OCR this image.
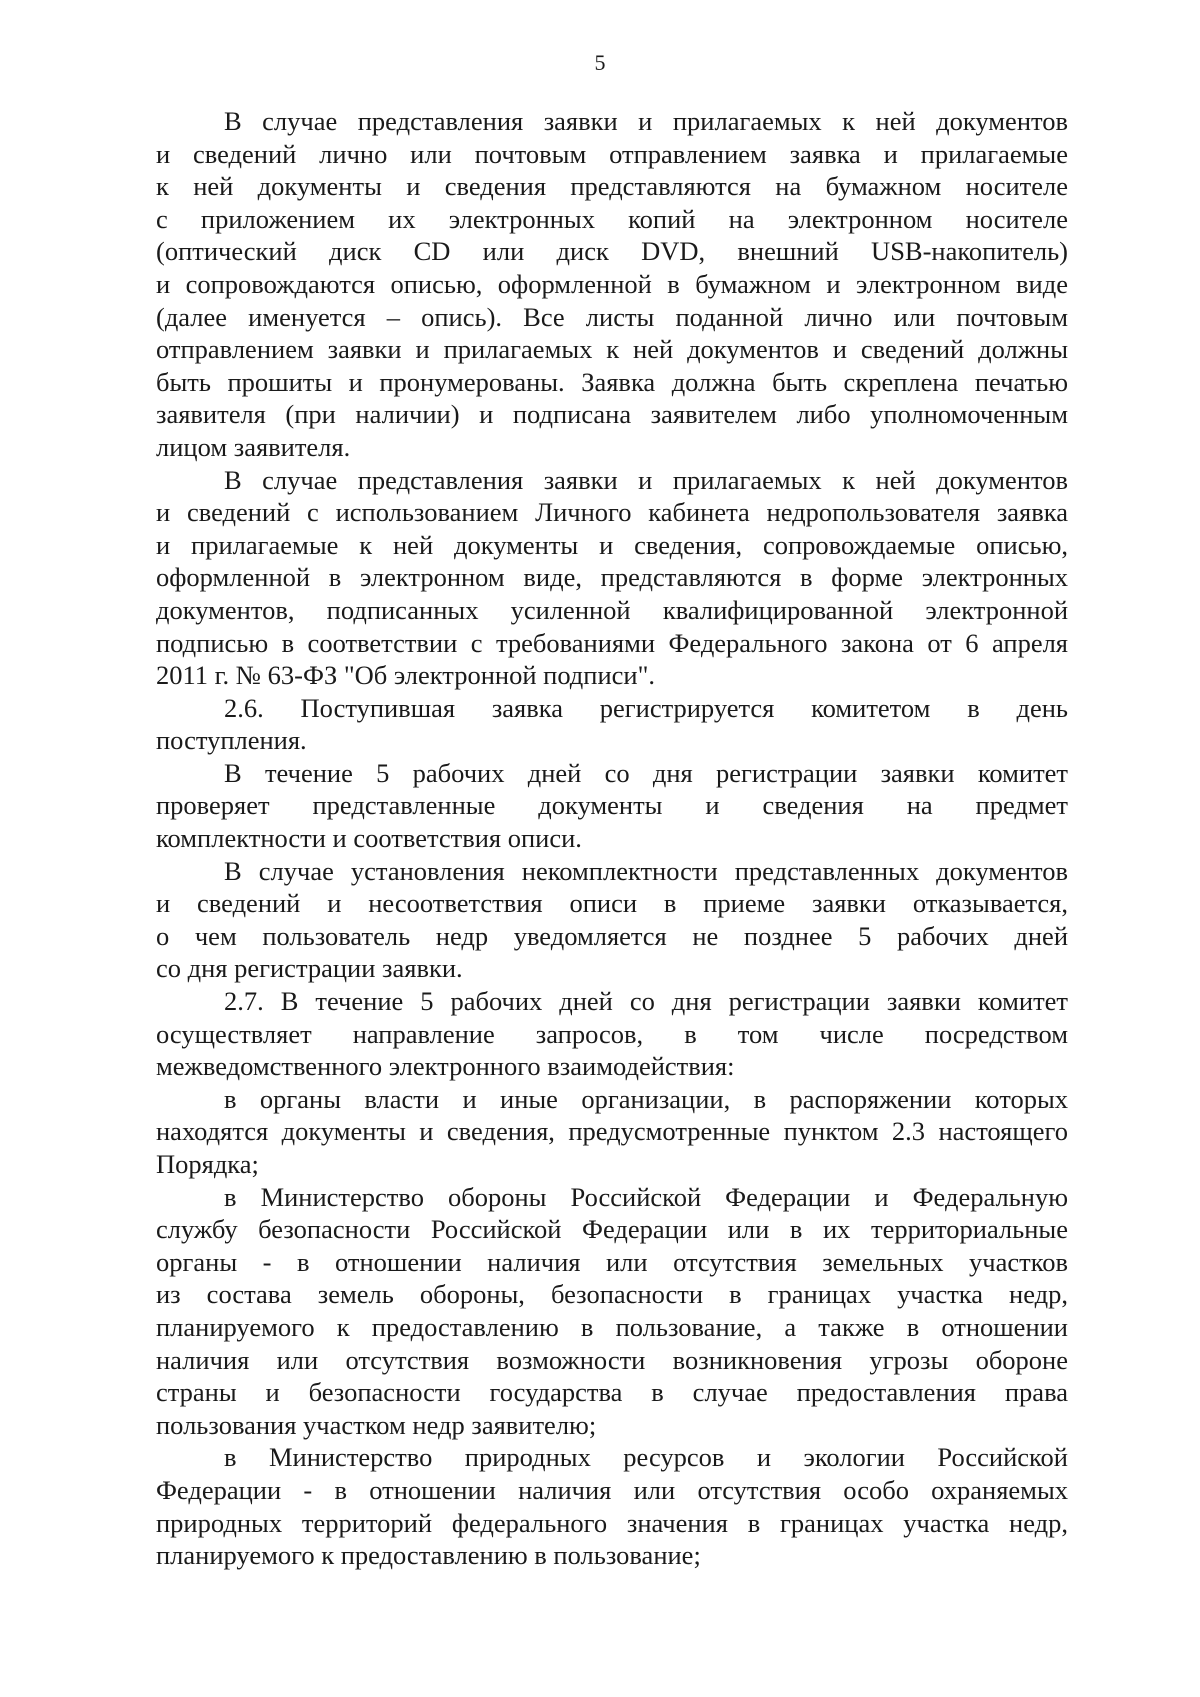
5
В случае представления заявки и прилагаемых к ней документов
и сведений лично или почтовым отправлением заявка и прилагаемые
к ней документы и сведения представляются на бумажном носителе
с приложением их электронных копий на электронном носителе
(оптический диск CD или диск DVD, внешний USB-накопитель)
и сопровождаются описью, оформленной в бумажном и электронном виде
(далее именуется – опись). Все листы поданной лично или почтовым
отправлением заявки и прилагаемых к ней документов и сведений должны
быть прошиты и пронумерованы. Заявка должна быть скреплена печатью
заявителя (при наличии) и подписана заявителем либо уполномоченным
лицом заявителя.
В случае представления заявки и прилагаемых к ней документов
и сведений с использованием Личного кабинета недропользователя заявка
и прилагаемые к ней документы и сведения, сопровождаемые описью,
оформленной в электронном виде, представляются в форме электронных
документов, подписанных усиленной квалифицированной электронной
подписью в соответствии с требованиями Федерального закона от 6 апреля
2011 г. № 63-ФЗ "Об электронной подписи".
2.6. Поступившая заявка регистрируется комитетом в день
поступления.
В течение 5 рабочих дней со дня регистрации заявки комитет
проверяет представленные документы и сведения на предмет
комплектности и соответствия описи.
В случае установления некомплектности представленных документов
и сведений и несоответствия описи в приеме заявки отказывается,
о чем пользователь недр уведомляется не позднее 5 рабочих дней
со дня регистрации заявки.
2.7. В течение 5 рабочих дней со дня регистрации заявки комитет
осуществляет направление запросов, в том числе посредством
межведомственного электронного взаимодействия:
в органы власти и иные организации, в распоряжении которых
находятся документы и сведения, предусмотренные пунктом 2.3 настоящего
Порядка;
в Министерство обороны Российской Федерации и Федеральную
службу безопасности Российской Федерации или в их территориальные
органы - в отношении наличия или отсутствия земельных участков
из состава земель обороны, безопасности в границах участка недр,
планируемого к предоставлению в пользование, а также в отношении
наличия или отсутствия возможности возникновения угрозы обороне
страны и безопасности государства в случае предоставления права
пользования участком недр заявителю;
в Министерство природных ресурсов и экологии Российской
Федерации - в отношении наличия или отсутствия особо охраняемых
природных территорий федерального значения в границах участка недр,
планируемого к предоставлению в пользование;
